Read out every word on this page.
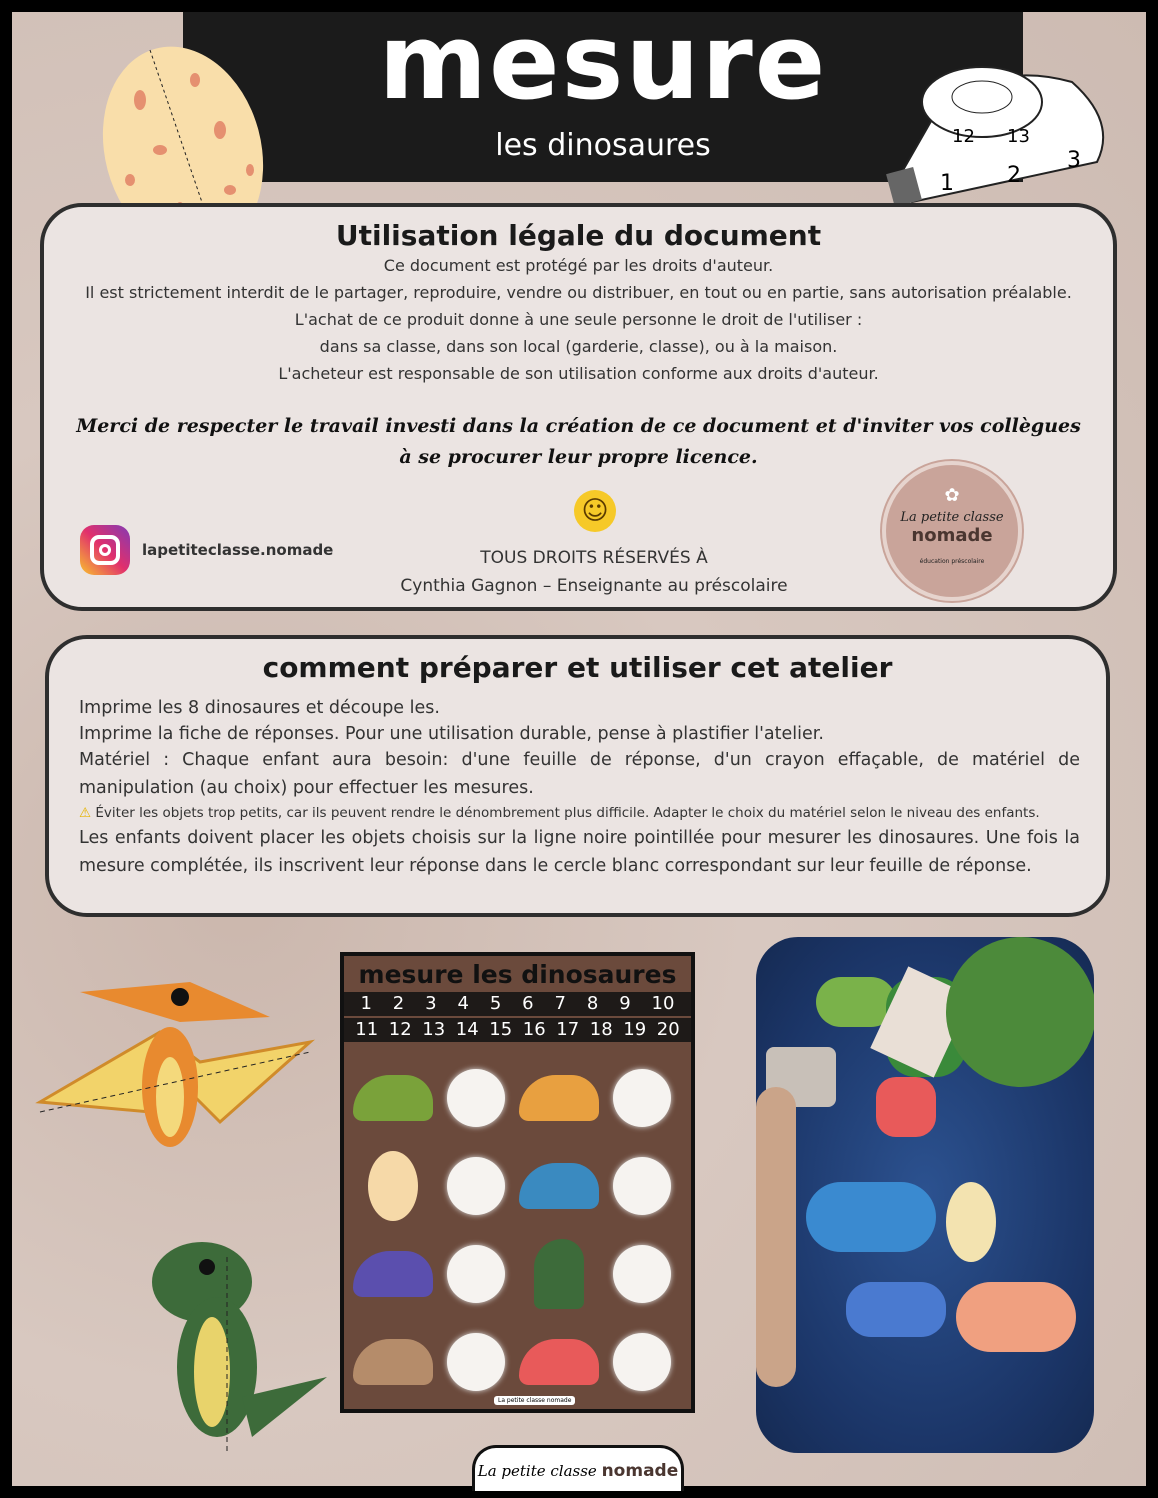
mesure
les dinosaures
1 2
3
12 13
Utilisation légale du document
Ce document est protégé par les droits d'auteur.
Il est strictement interdit de le partager, reproduire, vendre ou distribuer, en tout ou en partie, sans autorisation préalable.
L'achat de ce produit donne à une seule personne le droit de l'utiliser :
dans sa classe, dans son local (garderie, classe), ou à la maison.
L'acheteur est responsable de son utilisation conforme aux droits d'auteur.
Merci de respecter le travail investi dans la création de ce document et d'inviter vos collègues
à se procurer leur propre licence.
☺
lapetiteclasse.nomade	TOUS DROITS RÉSERVÉS À
Cynthia Gagnon – Enseignante au préscolaire
✿
La petite classe
nomade
éducation préscolaire
comment préparer et utiliser cet atelier
Imprime les 8 dinosaures et découpe les.
Imprime la fiche de réponses. Pour une utilisation durable, pense à plastifier l'atelier.
Matériel : Chaque enfant aura besoin: d'une feuille de réponse, d'un crayon effaçable, de matériel de manipulation (au choix) pour effectuer les mesures.
⚠ Éviter les objets trop petits, car ils peuvent rendre le dénombrement plus difficile. Adapter le choix du matériel selon le niveau des enfants.
Les enfants doivent placer les objets choisis sur la ligne noire pointillée pour mesurer les dinosaures. Une fois la mesure complétée, ils inscrivent leur réponse dans le cercle blanc correspondant sur leur feuille de réponse.
mesure les dinosaures
1 2 3 4 5 6 7 8 9 10
11 12 13 14 15 16 17 18 19 20
La petite classe nomade
La petite classe nomade
